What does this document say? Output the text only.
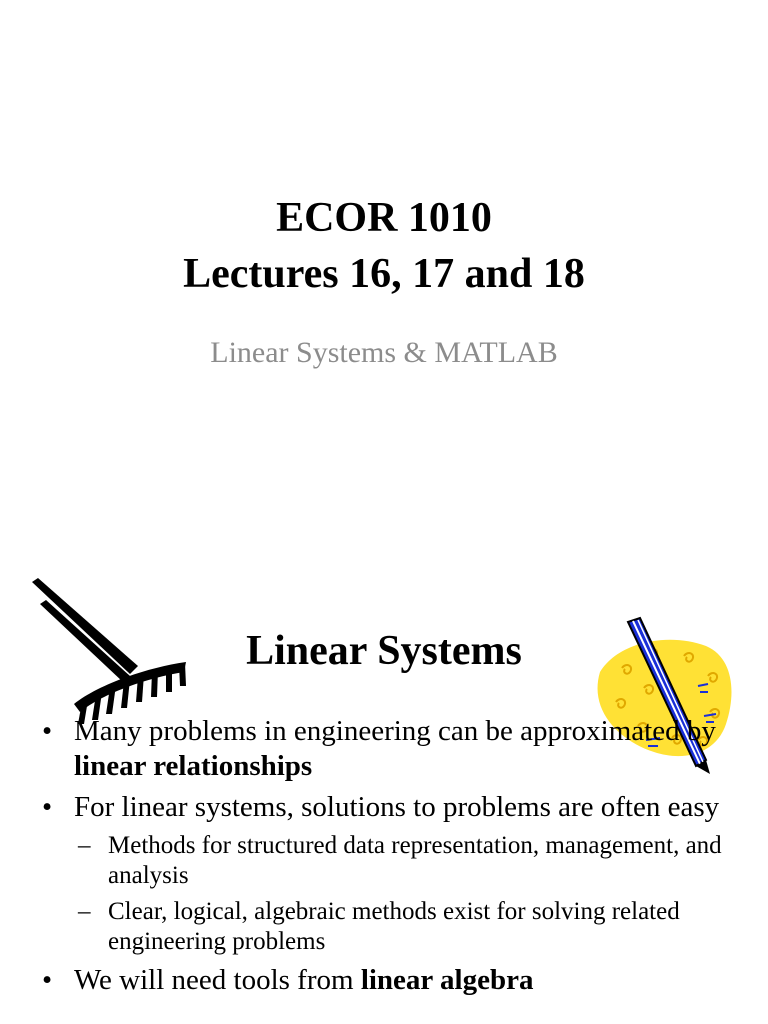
ECOR 1010
Lectures 16, 17 and 18
Linear Systems & MATLAB
Linear Systems
• Many problems in engineering can be approximated by linear relationships
• For linear systems, solutions to problems are often easy
– Methods for structured data representation, management, and analysis
– Clear, logical, algebraic methods exist for solving related engineering problems
• We will need tools from linear algebra
